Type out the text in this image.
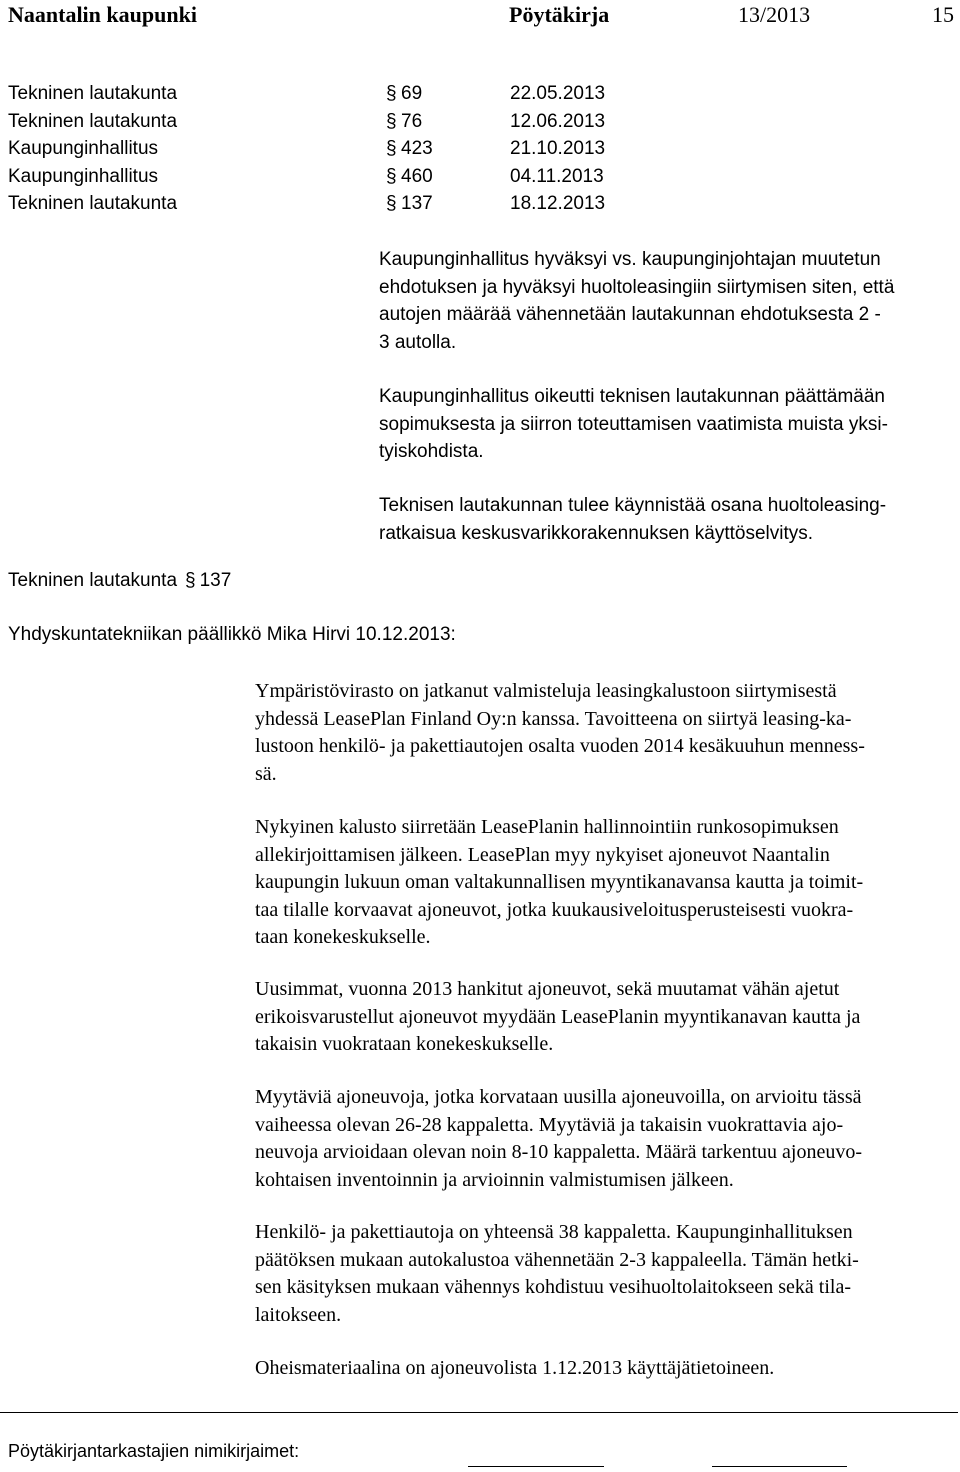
Naantalin kaupunki	Pöytäkirja	13/2013	15
Tekninen lautakunta	§ 69	22.05.2013
Tekninen lautakunta	§ 76	12.06.2013
Kaupunginhallitus	§ 423	21.10.2013
Kaupunginhallitus	§ 460	04.11.2013
Tekninen lautakunta	§ 137	18.12.2013

Kaupunginhallitus hyväksyi vs. kaupunginjohtajan muutetun
ehdotuksen ja hyväksyi huoltoleasingiin siirtymisen siten, että
autojen määrää vähennetään lautakunnan ehdotuksesta 2 -
3 autolla.

Kaupunginhallitus oikeutti teknisen lautakunnan päättämään
sopimuksesta ja siirron toteuttamisen vaatimista muista yksi-
tyiskohdista.

Teknisen lautakunnan tulee käynnistää osana huoltoleasing-
ratkaisua keskusvarikkorakennuksen käyttöselvitys.

Tekninen lautakunta § 137
Yhdyskuntatekniikan päällikkö Mika Hirvi 10.12.2013:

Ympäristövirasto on jatkanut valmisteluja leasingkalustoon siirtymisestä
yhdessä LeasePlan Finland Oy:n kanssa. Tavoitteena on siirtyä leasing-ka-
lustoon henkilö- ja pakettiautojen osalta vuoden 2014 kesäkuuhun menness-
sä.

Nykyinen kalusto siirretään LeasePlanin hallinnointiin runkosopimuksen
allekirjoittamisen jälkeen. LeasePlan myy nykyiset ajoneuvot Naantalin
kaupungin lukuun oman valtakunnallisen myyntikanavansa kautta ja toimit-
taa tilalle korvaavat ajoneuvot, jotka kuukausiveloitusperusteisesti vuokra-
taan konekeskukselle.

Uusimmat, vuonna 2013 hankitut ajoneuvot, sekä muutamat vähän ajetut
erikoisvarustellut ajoneuvot myydään LeasePlanin myyntikanavan kautta ja
takaisin vuokrataan konekeskukselle.

Myytäviä ajoneuvoja, jotka korvataan uusilla ajoneuvoilla, on arvioitu tässä
vaiheessa olevan 26-28 kappaletta. Myytäviä ja takaisin vuokrattavia ajo-
neuvoja arvioidaan olevan noin 8-10 kappaletta. Määrä tarkentuu ajoneuvo-
kohtaisen inventoinnin ja arvioinnin valmistumisen jälkeen.

Henkilö- ja pakettiautoja on yhteensä 38 kappaletta. Kaupunginhallituksen
päätöksen mukaan autokalustoa vähennetään 2-3 kappaleella. Tämän hetki-
sen käsityksen mukaan vähennys kohdistuu vesihuoltolaitokseen sekä tila-
laitokseen.

Oheismateriaalina on ajoneuvolista 1.12.2013 käyttäjätietoineen.

Pöytäkirjantarkastajien nimikirjaimet:
